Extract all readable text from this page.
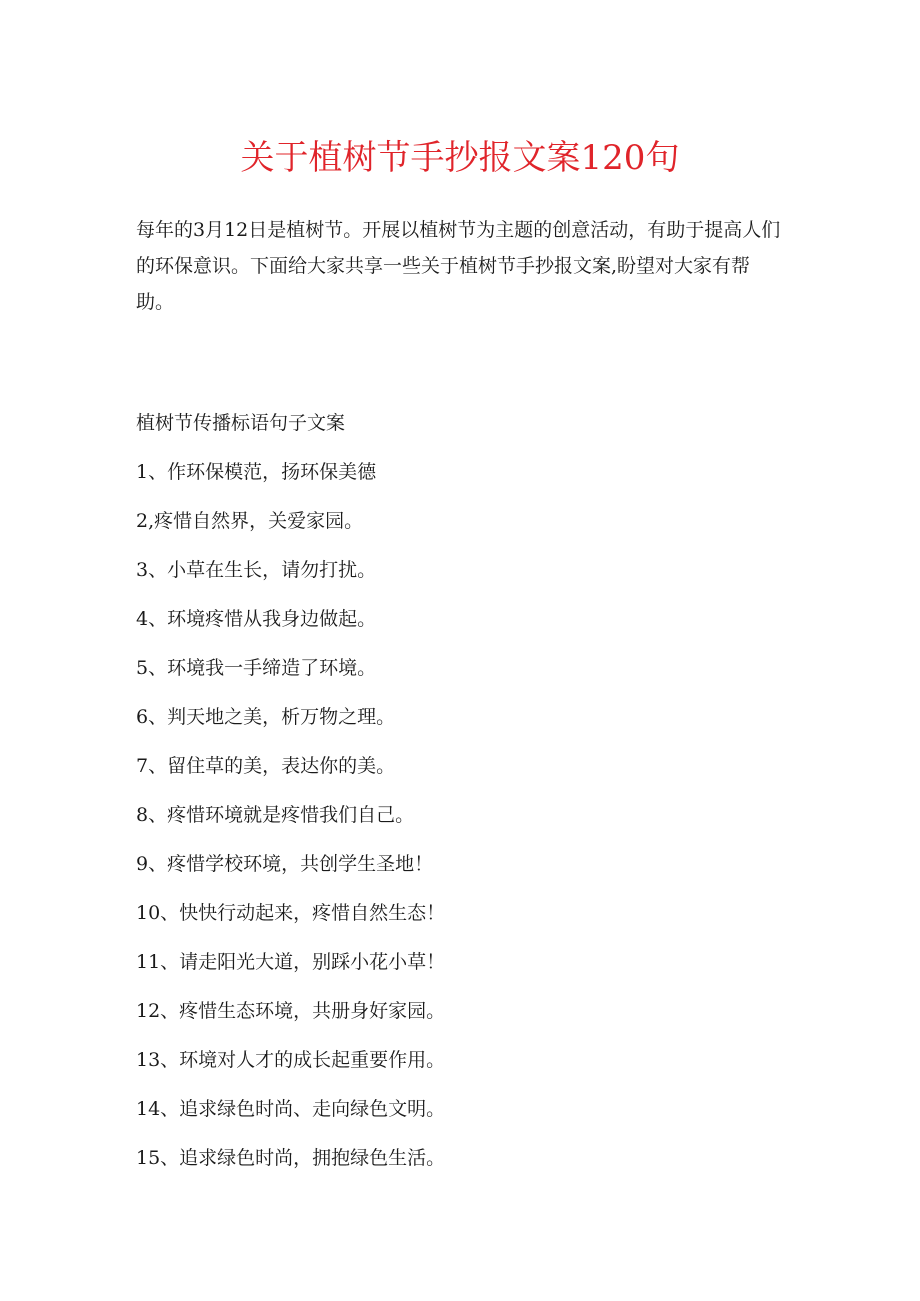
关于植树节手抄报文案120句

每年的3月12日是植树节。开展以植树节为主题的创意活动，有助于提高人们的环保意识。下面给大家共享一些关于植树节手抄报文案,盼望对大家有帮助。

植树节传播标语句子文案
1、作环保模范，扬环保美德
2,疼惜自然界，关爱家园。
3、小草在生长，请勿打扰。
4、环境疼惜从我身边做起。
5、环境我一手缔造了环境。
6、判天地之美，析万物之理。
7、留住草的美，表达你的美。
8、疼惜环境就是疼惜我们自己。
9、疼惜学校环境，共创学生圣地！
10、快快行动起来，疼惜自然生态！
11、请走阳光大道，别踩小花小草！
12、疼惜生态环境，共册身好家园。
13、环境对人才的成长起重要作用。
14、追求绿色时尚、走向绿色文明。
15、追求绿色时尚，拥抱绿色生活。
